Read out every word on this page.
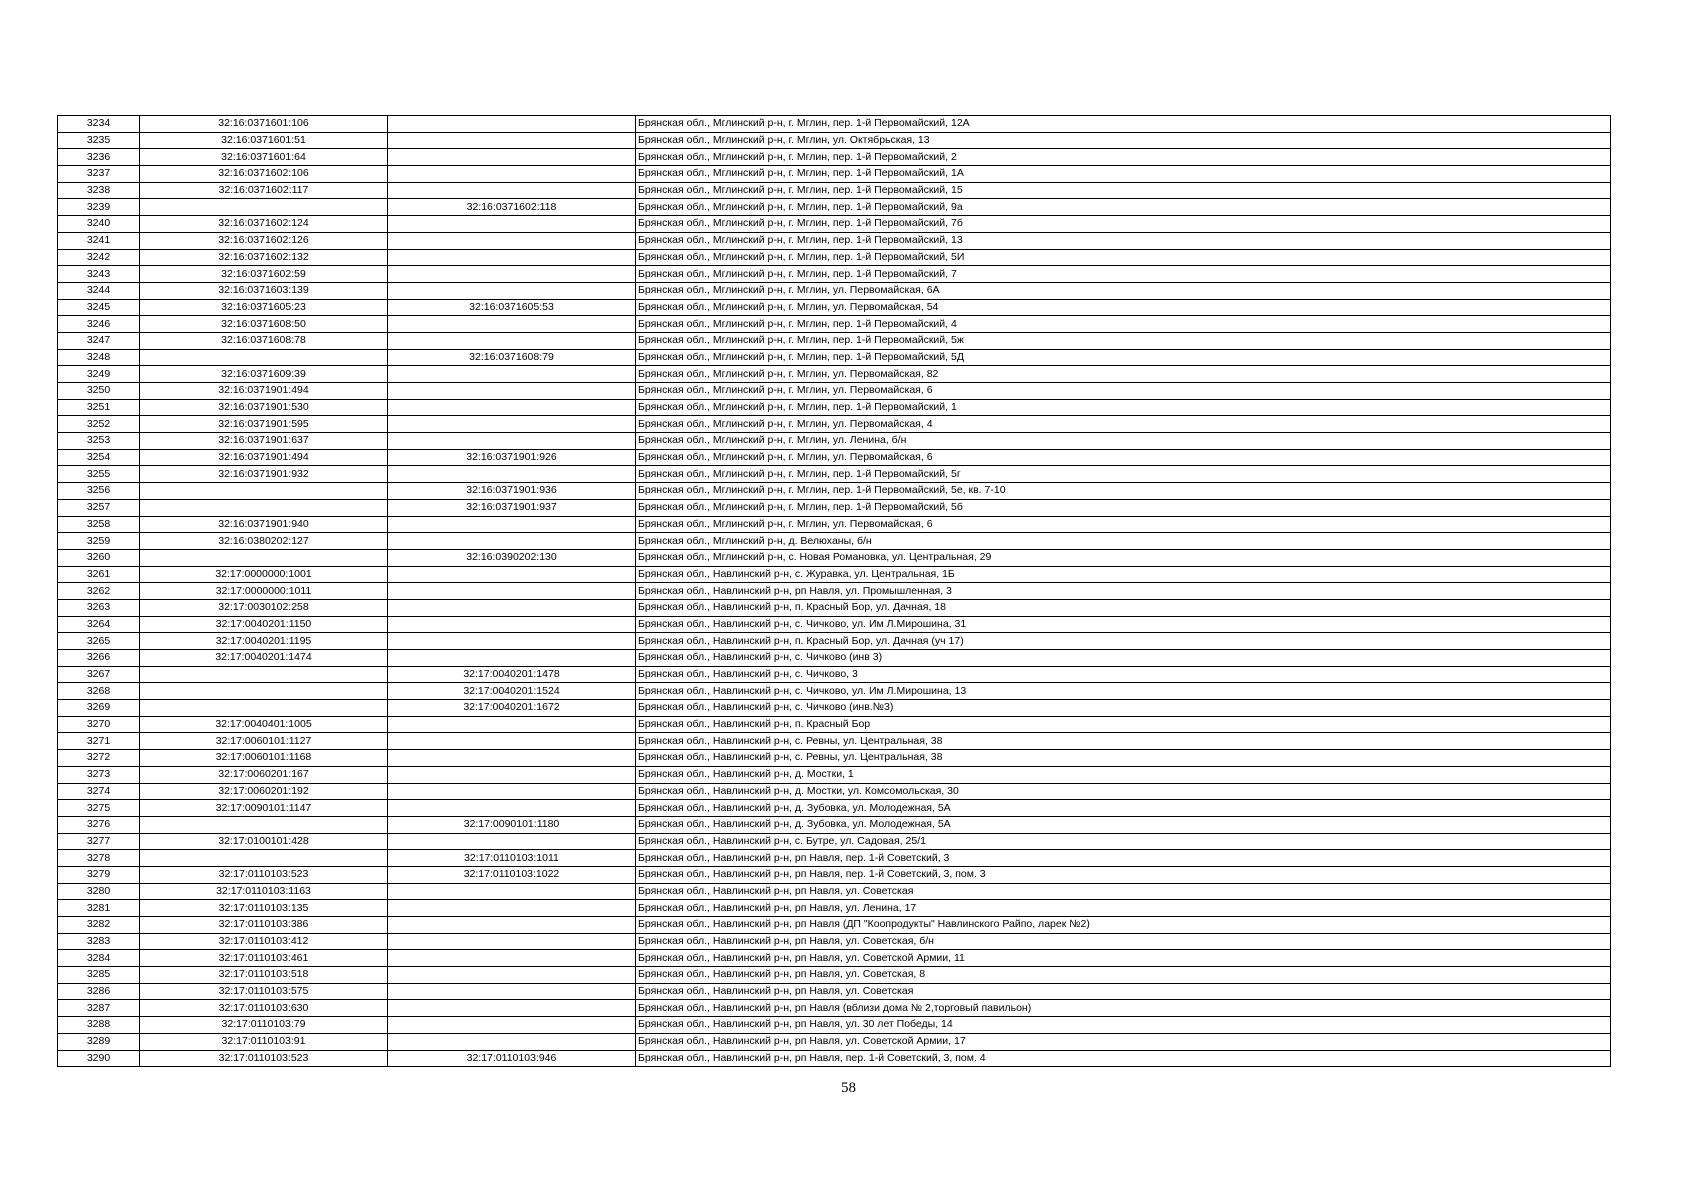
3234	32:16:0371601:106		Брянская обл., Мглинский р-н, г. Мглин, пер. 1-й Первомайский, 12А
3235	32:16:0371601:51		Брянская обл., Мглинский р-н, г. Мглин, ул. Октябрьская, 13
3236	32:16:0371601:64		Брянская обл., Мглинский р-н, г. Мглин, пер. 1-й Первомайский, 2
3237	32:16:0371602:106		Брянская обл., Мглинский р-н, г. Мглин, пер. 1-й Первомайский, 1А
3238	32:16:0371602:117		Брянская обл., Мглинский р-н, г. Мглин, пер. 1-й Первомайский, 15
3239		32:16:0371602:118	Брянская обл., Мглинский р-н, г. Мглин, пер. 1-й Первомайский, 9а
3240	32:16:0371602:124		Брянская обл., Мглинский р-н, г. Мглин, пер. 1-й Первомайский, 7б
3241	32:16:0371602:126		Брянская обл., Мглинский р-н, г. Мглин, пер. 1-й Первомайский, 13
3242	32:16:0371602:132		Брянская обл., Мглинский р-н, г. Мглин, пер. 1-й Первомайский, 5И
3243	32:16:0371602:59		Брянская обл., Мглинский р-н, г. Мглин, пер. 1-й Первомайский, 7
3244	32:16:0371603:139		Брянская обл., Мглинский р-н, г. Мглин, ул. Первомайская, 6А
3245	32:16:0371605:23	32:16:0371605:53	Брянская обл., Мглинский р-н, г. Мглин, ул. Первомайская, 54
3246	32:16:0371608:50		Брянская обл., Мглинский р-н, г. Мглин, пер. 1-й Первомайский, 4
3247	32:16:0371608:78		Брянская обл., Мглинский р-н, г. Мглин, пер. 1-й Первомайский, 5ж
3248		32:16:0371608:79	Брянская обл., Мглинский р-н, г. Мглин, пер. 1-й Первомайский, 5Д
3249	32:16:0371609:39		Брянская обл., Мглинский р-н, г. Мглин, ул. Первомайская, 82
3250	32:16:0371901:494		Брянская обл., Мглинский р-н, г. Мглин, ул. Первомайская, 6
3251	32:16:0371901:530		Брянская обл., Мглинский р-н, г. Мглин, пер. 1-й Первомайский, 1
3252	32:16:0371901:595		Брянская обл., Мглинский р-н, г. Мглин, ул. Первомайская, 4
3253	32:16:0371901:637		Брянская обл., Мглинский р-н, г. Мглин, ул. Ленина, б/н
3254	32:16:0371901:494	32:16:0371901:926	Брянская обл., Мглинский р-н, г. Мглин, ул. Первомайская, 6
3255	32:16:0371901:932		Брянская обл., Мглинский р-н, г. Мглин, пер. 1-й Первомайский, 5г
3256		32:16:0371901:936	Брянская обл., Мглинский р-н, г. Мглин, пер. 1-й Первомайский, 5е, кв. 7-10
3257		32:16:0371901:937	Брянская обл., Мглинский р-н, г. Мглин, пер. 1-й Первомайский, 5б
3258	32:16:0371901:940		Брянская обл., Мглинский р-н, г. Мглин, ул. Первомайская, 6
3259	32:16:0380202:127		Брянская обл., Мглинский р-н, д. Велюханы, б/н
3260		32:16:0390202:130	Брянская обл., Мглинский р-н, с. Новая Романовка, ул. Центральная, 29
3261	32:17:0000000:1001		Брянская обл., Навлинский р-н, с. Журавка, ул. Центральная, 1Б
3262	32:17:0000000:1011		Брянская обл., Навлинский р-н, рп Навля, ул. Промышленная, 3
3263	32:17:0030102:258		Брянская обл., Навлинский р-н, п. Красный Бор, ул. Дачная, 18
3264	32:17:0040201:1150		Брянская обл., Навлинский р-н, с. Чичково, ул. Им Л.Мирошина, 31
3265	32:17:0040201:1195		Брянская обл., Навлинский р-н, п. Красный Бор, ул. Дачная (уч 17)
3266	32:17:0040201:1474		Брянская обл., Навлинский р-н, с. Чичково (инв 3)
3267		32:17:0040201:1478	Брянская обл., Навлинский р-н, с. Чичково, 3
3268		32:17:0040201:1524	Брянская обл., Навлинский р-н, с. Чичково, ул. Им Л.Мирошина, 13
3269		32:17:0040201:1672	Брянская обл., Навлинский р-н, с. Чичково (инв.№3)
3270	32:17:0040401:1005		Брянская обл., Навлинский р-н, п. Красный Бор
3271	32:17:0060101:1127		Брянская обл., Навлинский р-н, с. Ревны, ул. Центральная, 38
3272	32:17:0060101:1168		Брянская обл., Навлинский р-н, с. Ревны, ул. Центральная, 38
3273	32:17:0060201:167		Брянская обл., Навлинский р-н, д. Мостки, 1
3274	32:17:0060201:192		Брянская обл., Навлинский р-н, д. Мостки, ул. Комсомольская, 30
3275	32:17:0090101:1147		Брянская обл., Навлинский р-н, д. Зубовка, ул. Молодежная, 5А
3276		32:17:0090101:1180	Брянская обл., Навлинский р-н, д. Зубовка, ул. Молодежная, 5А
3277	32:17:0100101:428		Брянская обл., Навлинский р-н, с. Бутре, ул. Садовая, 25/1
3278		32:17:0110103:1011	Брянская обл., Навлинский р-н, рп Навля, пер. 1-й Советский, 3
3279	32:17:0110103:523	32:17:0110103:1022	Брянская обл., Навлинский р-н, рп Навля, пер. 1-й Советский, 3, пом. 3
3280	32:17:0110103:1163		Брянская обл., Навлинский р-н, рп Навля, ул. Советская
3281	32:17:0110103:135		Брянская обл., Навлинский р-н, рп Навля, ул. Ленина, 17
3282	32:17:0110103:386		Брянская обл., Навлинский р-н, рп Навля (ДП "Коопродукты" Навлинского Райпо, ларек №2)
3283	32:17:0110103:412		Брянская обл., Навлинский р-н, рп Навля, ул. Советская, б/н
3284	32:17:0110103:461		Брянская обл., Навлинский р-н, рп Навля, ул. Советской Армии, 11
3285	32:17:0110103:518		Брянская обл., Навлинский р-н, рп Навля, ул. Советская, 8
3286	32:17:0110103:575		Брянская обл., Навлинский р-н, рп Навля, ул. Советская
3287	32:17:0110103:630		Брянская обл., Навлинский р-н, рп Навля (вблизи дома № 2,торговый павильон)
3288	32:17:0110103:79		Брянская обл., Навлинский р-н, рп Навля, ул. 30 лет Победы, 14
3289	32:17:0110103:91		Брянская обл., Навлинский р-н, рп Навля, ул. Советской Армии, 17
3290	32:17:0110103:523	32:17:0110103:946	Брянская обл., Навлинский р-н, рп Навля, пер. 1-й Советский, 3, пом. 4
58
